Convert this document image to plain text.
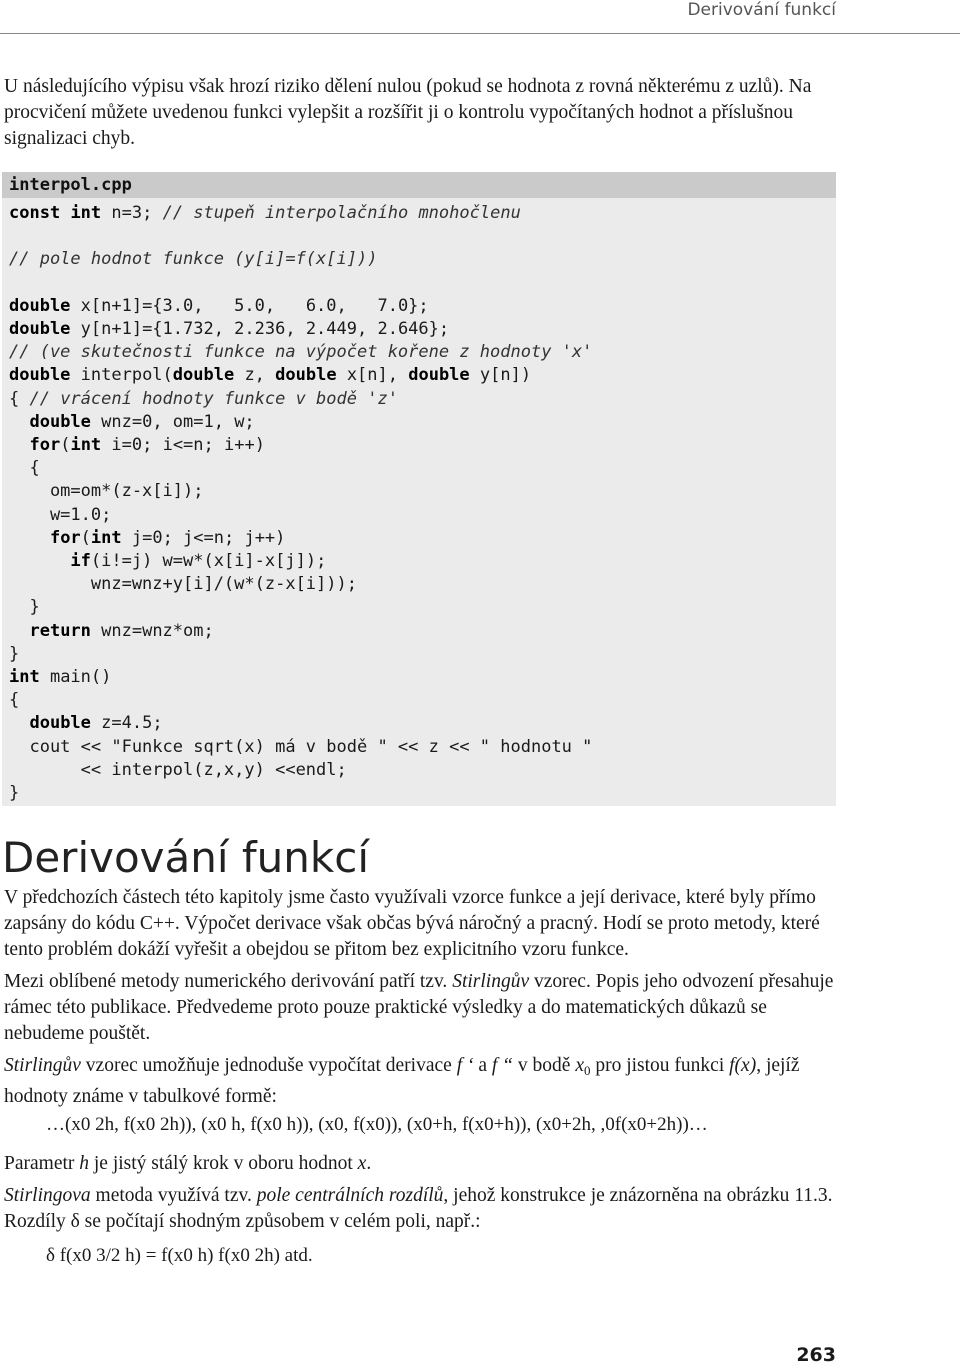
Derivování funkcí

U následujícího výpisu však hrozí riziko dělení nulou (pokud se hodnota z rovná některému z uzlů). Na procvičení můžete uvedenou funkci vylepšit a rozšířit ji o kontrolu vypočítaných hodnot a příslušnou signalizaci chyb.

interpol.cpp
const int n=3; // stupeň interpolačního mnohočlenu

// pole hodnot funkce (y[i]=f(x[i]))

double x[n+1]={3.0,   5.0,   6.0,   7.0};
double y[n+1]={1.732, 2.236, 2.449, 2.646};
// (ve skutečnosti funkce na výpočet kořene z hodnoty 'x'
double interpol(double z, double x[n], double y[n])
{ // vrácení hodnoty funkce v bodě 'z'
double wnz=0, om=1, w;
for(int i=0; i<=n; i++)
{
om=om*(z-x[i]);
w=1.0;
for(int j=0; j<=n; j++)
if(i!=j) w=w*(x[i]-x[j]);
wnz=wnz+y[i]/(w*(z-x[i]));
}
return wnz=wnz*om;
}
int main()
{
double z=4.5;
cout << "Funkce sqrt(x) má v bodě " << z << " hodnotu "
<< interpol(z,x,y) <<endl;
}

Derivování funkcí

V předchozích částech této kapitoly jsme často využívali vzorce funkce a její derivace, které byly přímo zapsány do kódu C++. Výpočet derivace však občas bývá náročný a pracný. Hodí se proto metody, které tento problém dokáží vyřešit a obejdou se přitom bez explicitního vzoru funkce.

Mezi oblíbené metody numerického derivování patří tzv. Stirlingův vzorec. Popis jeho odvození přesahuje rámec této publikace. Předvedeme proto pouze praktické výsledky a do matematických důkazů se nebudeme pouštět.

Stirlingův vzorec umožňuje jednoduše vypočítat derivace f ‘ a f “ v bodě $x_0$ pro jistou funkci f(x), jejíž hodnoty známe v tabulkové formě:

…(x0 2h, f(x0 2h)), (x0 h, f(x0 h)), (x0, f(x0)), (x0+h, f(x0+h)), (x0+2h, ,0f(x0+2h))…

Parametr h je jistý stálý krok v oboru hodnot x.

Stirlingova metoda využívá tzv. pole centrálních rozdílů, jehož konstrukce je znázorněna na obrázku 11.3. Rozdíly δ se počítají shodným způsobem v celém poli, např.:

δ f(x0 3/2 h) = f(x0 h) f(x0 2h) atd.

263
